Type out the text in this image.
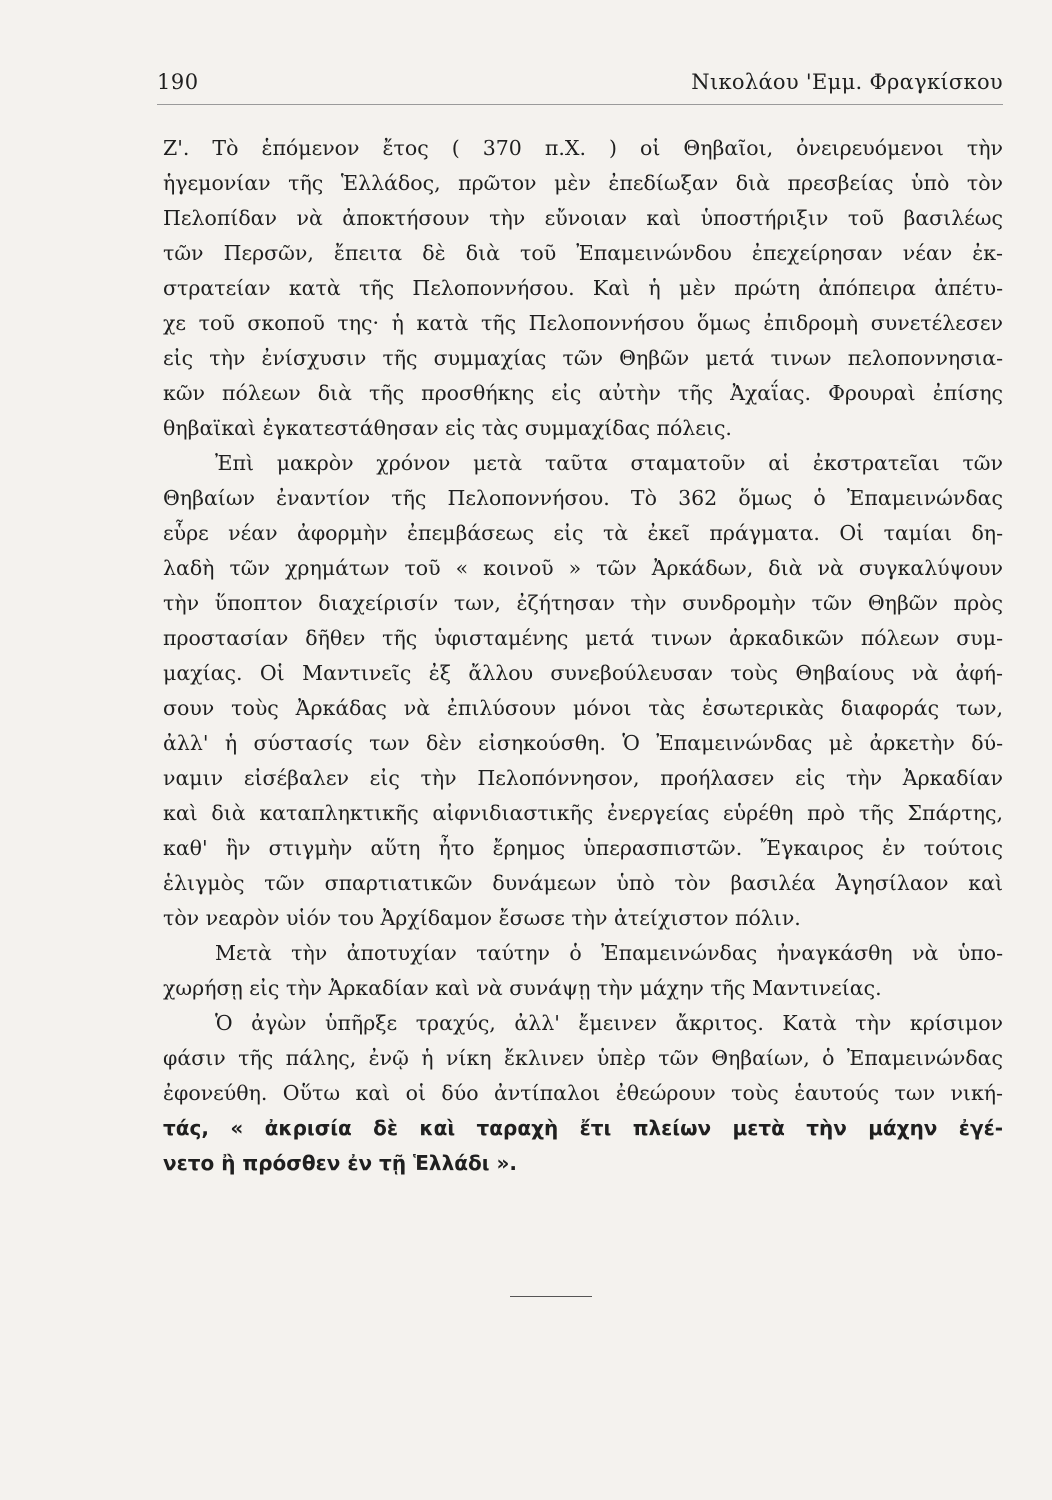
190	Νικολάου 'Εμμ. Φραγκίσκου
Ζ'. Τὸ ἑπόμενον ἔτος ( 370 π.Χ. ) οἱ Θηβαῖοι, ὀνειρευόμενοι τὴν
ἡγεμονίαν τῆς Ἑλλάδος, πρῶτον μὲν ἐπεδίωξαν διὰ πρεσβείας ὑπὸ τὸν
Πελοπίδαν νὰ ἀποκτήσουν τὴν εὔνοιαν καὶ ὑποστήριξιν τοῦ βασιλέως
τῶν Περσῶν, ἔπειτα δὲ διὰ τοῦ Ἐπαμεινώνδου ἐπεχείρησαν νέαν ἐκ-
στρατείαν κατὰ τῆς Πελοποννήσου. Καὶ ἡ μὲν πρώτη ἀπόπειρα ἀπέτυ-
χε τοῦ σκοποῦ της· ἡ κατὰ τῆς Πελοποννήσου ὅμως ἐπιδρομὴ συνετέλεσεν
εἰς τὴν ἐνίσχυσιν τῆς συμμαχίας τῶν Θηβῶν μετά τινων πελοποννησια-
κῶν πόλεων διὰ τῆς προσθήκης εἰς αὐτὴν τῆς Ἀχαΐας. Φρουραὶ ἐπίσης
θηβαϊκαὶ ἐγκατεστάθησαν εἰς τὰς συμμαχίδας πόλεις.
Ἐπὶ μακρὸν χρόνον μετὰ ταῦτα σταματοῦν αἱ ἐκστρατεῖαι τῶν
Θηβαίων ἐναντίον τῆς Πελοποννήσου. Τὸ 362 ὅμως ὁ Ἐπαμεινώνδας
εὗρε νέαν ἀφορμὴν ἐπεμβάσεως εἰς τὰ ἐκεῖ πράγματα. Οἱ ταμίαι δη-
λαδὴ τῶν χρημάτων τοῦ « κοινοῦ » τῶν Ἀρκάδων, διὰ νὰ συγκαλύψουν
τὴν ὕποπτον διαχείρισίν των, ἐζήτησαν τὴν συνδρομὴν τῶν Θηβῶν πρὸς
προστασίαν δῆθεν τῆς ὑφισταμένης μετά τινων ἀρκαδικῶν πόλεων συμ-
μαχίας. Οἱ Μαντινεῖς ἐξ ἄλλου συνεβούλευσαν τοὺς Θηβαίους νὰ ἀφή-
σουν τοὺς Ἀρκάδας νὰ ἐπιλύσουν μόνοι τὰς ἐσωτερικὰς διαφοράς των,
ἀλλ' ἡ σύστασίς των δὲν εἰσηκούσθη. Ὁ Ἐπαμεινώνδας μὲ ἀρκετὴν δύ-
ναμιν εἰσέβαλεν εἰς τὴν Πελοπόννησον, προήλασεν εἰς τὴν Ἀρκαδίαν
καὶ διὰ καταπληκτικῆς αἰφνιδιαστικῆς ἐνεργείας εὑρέθη πρὸ τῆς Σπάρτης,
καθ' ἣν στιγμὴν αὕτη ἦτο ἔρημος ὑπερασπιστῶν. Ἔγκαιρος ἐν τούτοις
ἑλιγμὸς τῶν σπαρτιατικῶν δυνάμεων ὑπὸ τὸν βασιλέα Ἀγησίλαον καὶ
τὸν νεαρὸν υἱόν του Ἀρχίδαμον ἔσωσε τὴν ἀτείχιστον πόλιν.
Μετὰ τὴν ἀποτυχίαν ταύτην ὁ Ἐπαμεινώνδας ἠναγκάσθη νὰ ὑπο-
χωρήσῃ εἰς τὴν Ἀρκαδίαν καὶ νὰ συνάψῃ τὴν μάχην τῆς Μαντινείας.
Ὁ ἀγὼν ὑπῆρξε τραχύς, ἀλλ' ἔμεινεν ἄκριτος. Κατὰ τὴν κρίσιμον
φάσιν τῆς πάλης, ἐνῷ ἡ νίκη ἔκλινεν ὑπὲρ τῶν Θηβαίων, ὁ Ἐπαμεινώνδας
ἐφονεύθη. Οὕτω καὶ οἱ δύο ἀντίπαλοι ἐθεώρουν τοὺς ἑαυτούς των νική-
τάς, « ἀκρισία δὲ καὶ ταραχὴ ἔτι πλείων μετὰ τὴν μάχην ἐγέ-
νετο ἢ πρόσθεν ἐν τῇ Ἑλλάδι ».
